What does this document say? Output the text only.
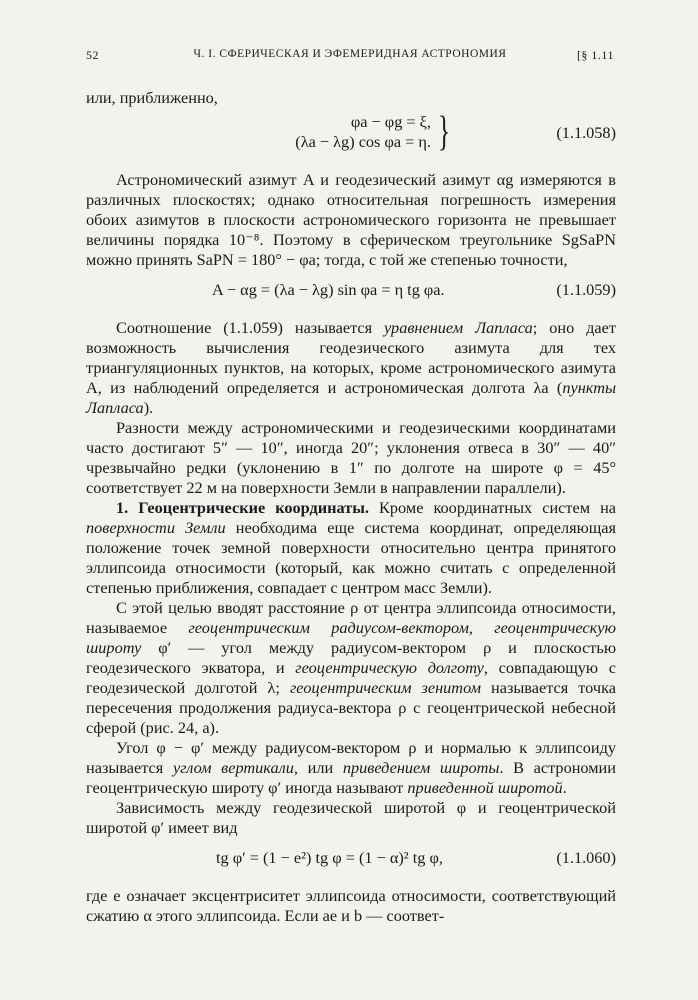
52	Ч. I. СФЕРИЧЕСКАЯ И ЭФЕМЕРИДНАЯ АСТРОНОМИЯ	[§ 1.11

или, приближенно,

φa − φg = ξ,
(λa − λg) cos φa = η. }	(1.1.058)

Астрономический азимут A и геодезический азимут αg измеряются в различных плоскостях; однако относительная погрешность измерения обоих азимутов в плоскости астрономического горизонта не превышает величины порядка 10⁻⁸. Поэтому в сферическом треугольнике SgSaPN можно принять SaPN = 180° − φa; тогда, с той же степенью точности,

A − αg = (λa − λg) sin φa = η tg φa.	(1.1.059)

Соотношение (1.1.059) называется уравнением Лапласа; оно дает возможность вычисления геодезического азимута для тех триангуляционных пунктов, на которых, кроме астрономического азимута A, из наблюдений определяется и астрономическая долгота λa (пункты Лапласа).

Разности между астрономическими и геодезическими координатами часто достигают 5″ — 10″, иногда 20″; уклонения отвеса в 30″ — 40″ чрезвычайно редки (уклонению в 1″ по долготе на широте φ = 45° соответствует 22 м на поверхности Земли в направлении параллели).

1. Геоцентрические координаты. Кроме координатных систем на поверхности Земли необходима еще система координат, определяющая положение точек земной поверхности относительно центра принятого эллипсоида относимости (который, как можно считать с определенной степенью приближения, совпадает с центром масс Земли).

С этой целью вводят расстояние ρ от центра эллипсоида относимости, называемое геоцентрическим радиусом-вектором, геоцентрическую широту φ′ — угол между радиусом-вектором ρ и плоскостью геодезического экватора, и геоцентрическую долготу, совпадающую с геодезической долготой λ; геоцентрическим зенитом называется точка пересечения продолжения радиуса-вектора ρ с геоцентрической небесной сферой (рис. 24, а).

Угол φ − φ′ между радиусом-вектором ρ и нормалью к эллипсоиду называется углом вертикали, или приведением широты. В астрономии геоцентрическую широту φ′ иногда называют приведенной широтой.

Зависимость между геодезической широтой φ и геоцентрической широтой φ′ имеет вид

tg φ′ = (1 − e²) tg φ = (1 − α)² tg φ,	(1.1.060)

где e означает эксцентриситет эллипсоида относимости, соответствующий сжатию α этого эллипсоида. Если ae и b — соответ-
